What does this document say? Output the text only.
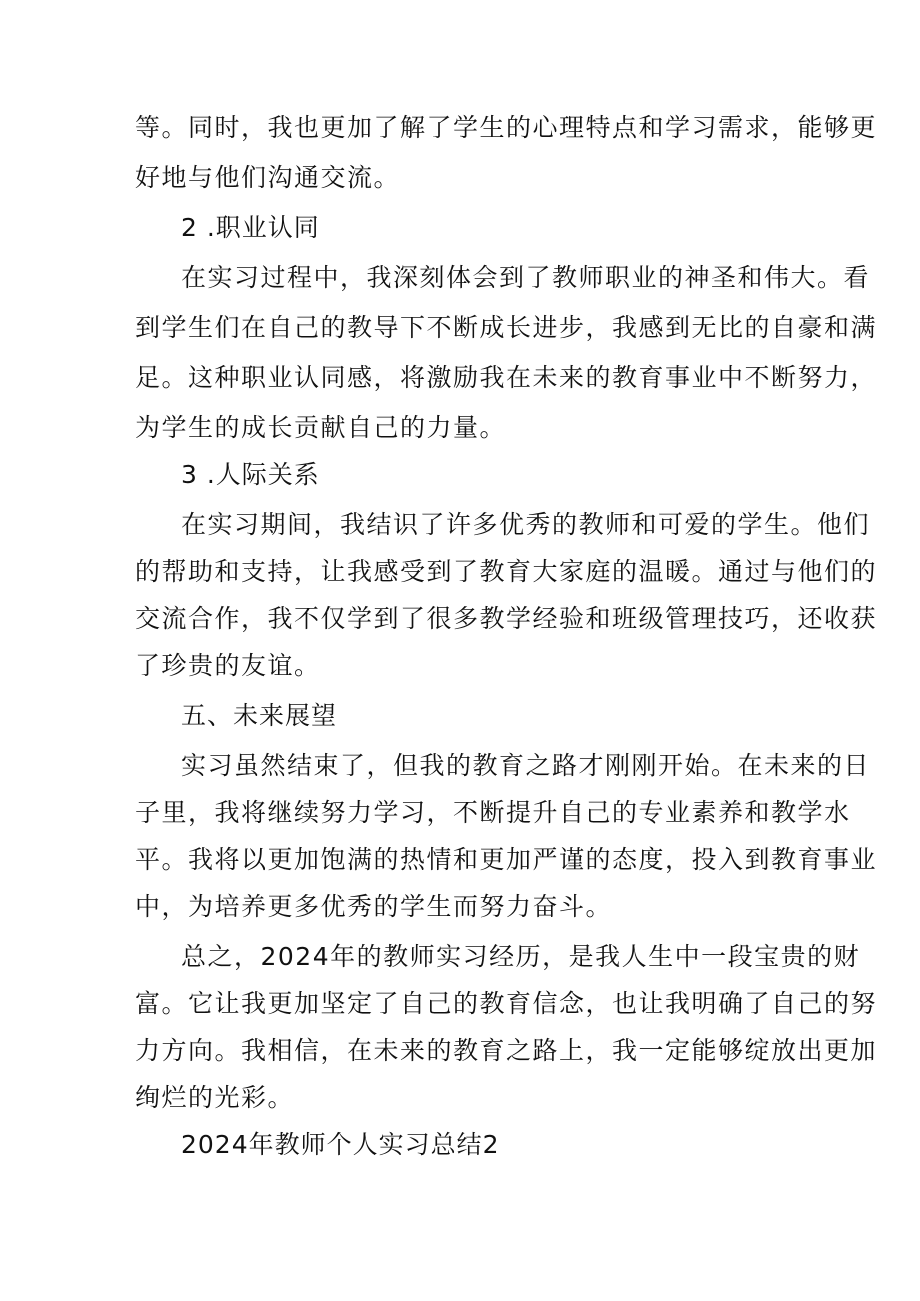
等。同时，我也更加了解了学生的心理特点和学习需求，能够更
好地与他们沟通交流。
2 .职业认同
在实习过程中，我深刻体会到了教师职业的神圣和伟大。看
到学生们在自己的教导下不断成长进步，我感到无比的自豪和满
足。这种职业认同感，将激励我在未来的教育事业中不断努力，
为学生的成长贡献自己的力量。
3 .人际关系
在实习期间，我结识了许多优秀的教师和可爱的学生。他们
的帮助和支持，让我感受到了教育大家庭的温暖。通过与他们的
交流合作，我不仅学到了很多教学经验和班级管理技巧，还收获
了珍贵的友谊。
五、未来展望
实习虽然结束了，但我的教育之路才刚刚开始。在未来的日
子里，我将继续努力学习，不断提升自己的专业素养和教学水
平。我将以更加饱满的热情和更加严谨的态度，投入到教育事业
中，为培养更多优秀的学生而努力奋斗。
总之，2024年的教师实习经历，是我人生中一段宝贵的财
富。它让我更加坚定了自己的教育信念，也让我明确了自己的努
力方向。我相信，在未来的教育之路上，我一定能够绽放出更加
绚烂的光彩。
2024年教师个人实习总结2
